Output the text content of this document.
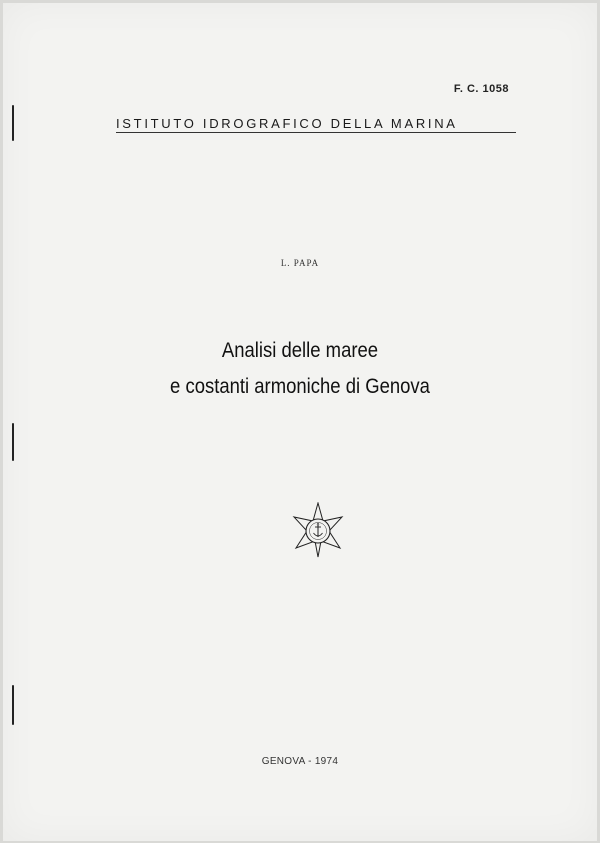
F. C. 1058
ISTITUTO IDROGRAFICO DELLA MARINA
L. PAPA
Analisi delle maree
e costanti armoniche di Genova
GENOVA - 1974
